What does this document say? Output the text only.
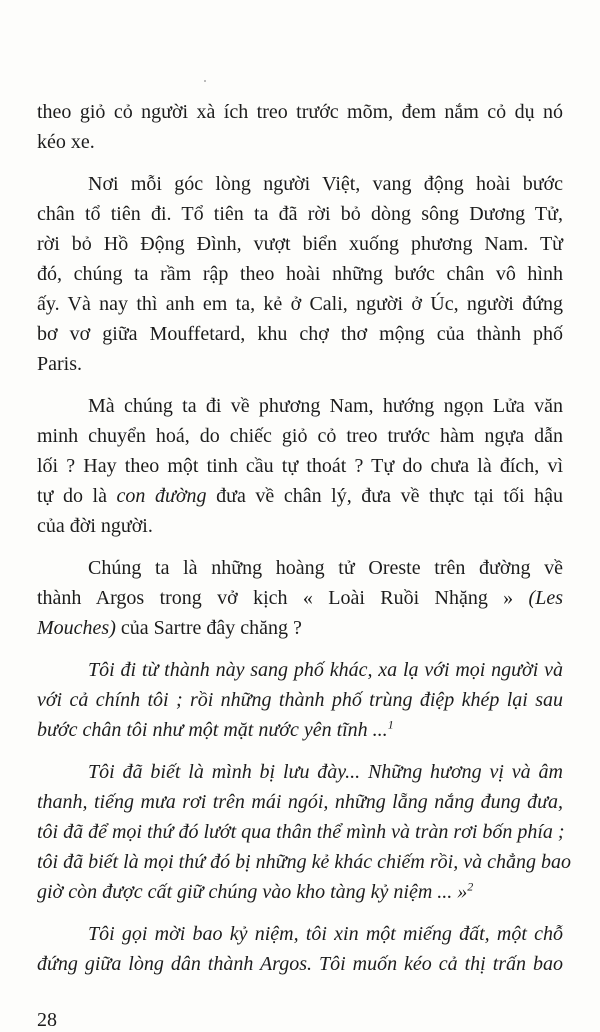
theo giỏ cỏ người xà ích treo trước mõm, đem nắm cỏ dụ nó
kéo xe.
Nơi mỗi góc lòng người Việt, vang động hoài bước
chân tổ tiên đi. Tổ tiên ta đã rời bỏ dòng sông Dương Tử,
rời bỏ Hồ Động Đình, vượt biển xuống phương Nam. Từ
đó, chúng ta rầm rập theo hoài những bước chân vô hình
ấy. Và nay thì anh em ta, kẻ ở Cali, người ở Úc, người đứng
bơ vơ giữa Mouffetard, khu chợ thơ mộng của thành phố
Paris.
Mà chúng ta đi về phương Nam, hướng ngọn Lửa văn
minh chuyển hoá, do chiếc giỏ cỏ treo trước hàm ngựa dẫn
lối ? Hay theo một tinh cầu tự thoát ? Tự do chưa là đích, vì
tự do là con đường đưa về chân lý, đưa về thực tại tối hậu
của đời người.
Chúng ta là những hoàng tử Oreste trên đường về
thành Argos trong vở kịch « Loài Ruồi Nhặng » (Les
Mouches) của Sartre đây chăng ?
Tôi đi từ thành này sang phố khác, xa lạ với mọi người và
với cả chính tôi ; rồi những thành phố trùng điệp khép lại sau
bước chân tôi như một mặt nước yên tĩnh ...$^1$
Tôi đã biết là mình bị lưu đày... Những hương vị và âm
thanh, tiếng mưa rơi trên mái ngói, những lẵng nắng đung đưa,
tôi đã để mọi thứ đó lướt qua thân thể mình và tràn rơi bốn phía ;
tôi đã biết là mọi thứ đó bị những kẻ khác chiếm rồi, và chẳng bao
giờ còn được cất giữ chúng vào kho tàng kỷ niệm ... »$^2$
Tôi gọi mời bao kỷ niệm, tôi xin một miếng đất, một chỗ
đứng giữa lòng dân thành Argos. Tôi muốn kéo cả thị trấn bao
28
